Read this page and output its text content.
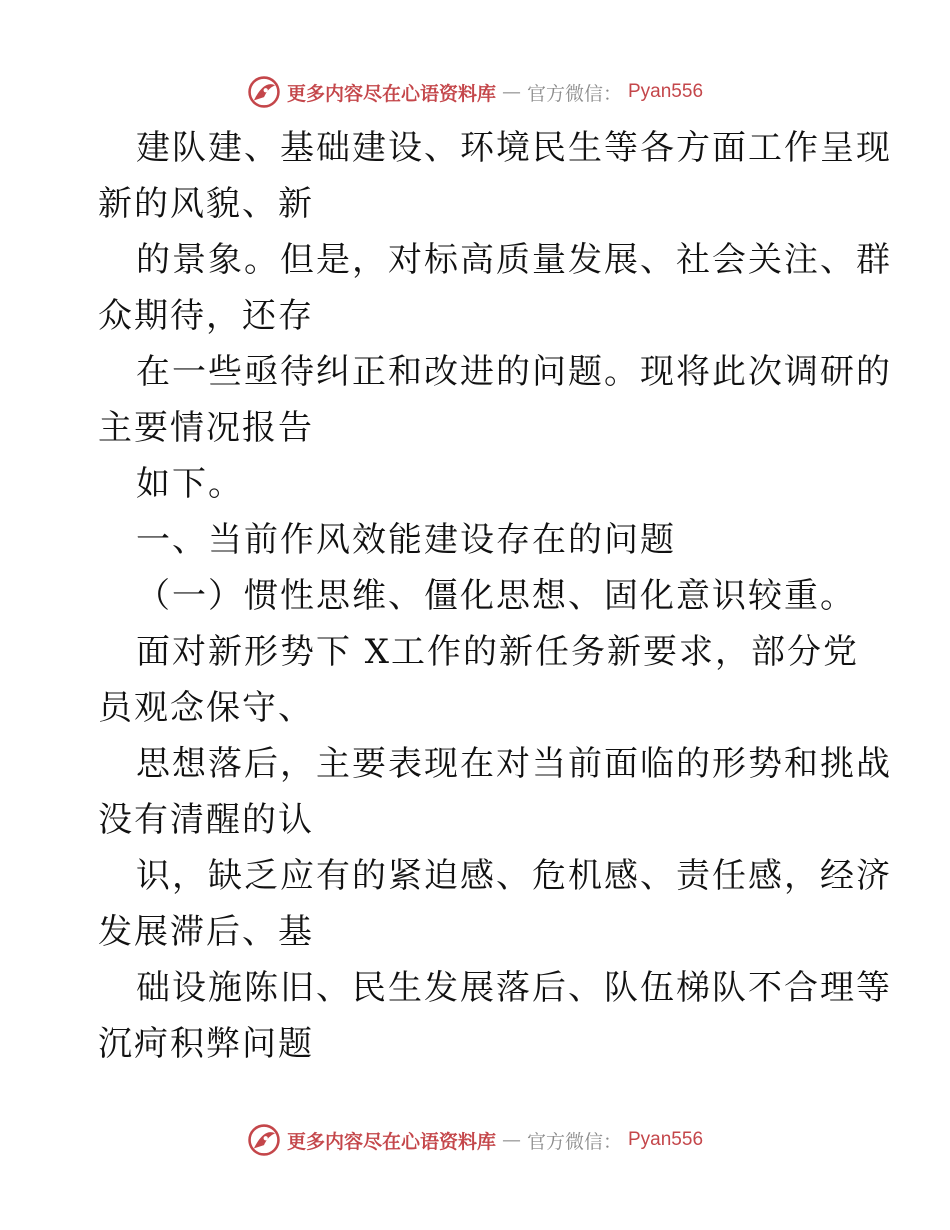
更多内容尽在心语资料库 — 官方微信： Pyan556
建队建、基础建设、环境民生等各方面工作呈现
新的风貌、新
的景象。但是，对标高质量发展、社会关注、群
众期待，还存
在一些亟待纠正和改进的问题。现将此次调研的
主要情况报告
如下。
一、当前作风效能建设存在的问题
（一）惯性思维、僵化思想、固化意识较重。
面对新形势下 X工作的新任务新要求，部分党
员观念保守、
思想落后，主要表现在对当前面临的形势和挑战
没有清醒的认
识，缺乏应有的紧迫感、危机感、责任感，经济
发展滞后、基
础设施陈旧、民生发展落后、队伍梯队不合理等
沉疴积弊问题
更多内容尽在心语资料库 — 官方微信： Pyan556
